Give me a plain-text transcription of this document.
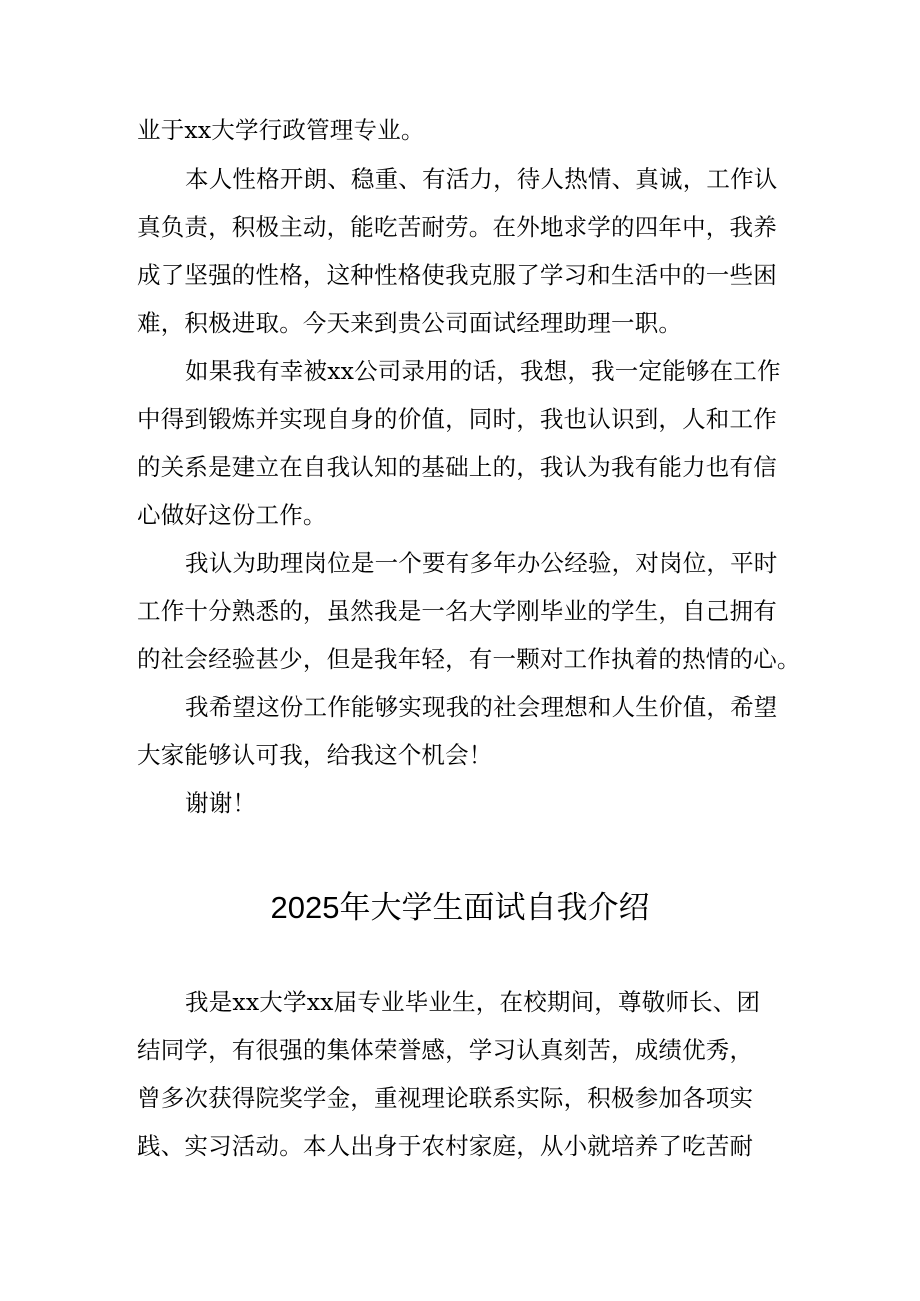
业于xx大学行政管理专业。
本人性格开朗、稳重、有活力，待人热情、真诚，工作认
真负责，积极主动，能吃苦耐劳。在外地求学的四年中，我养
成了坚强的性格，这种性格使我克服了学习和生活中的一些困
难，积极进取。今天来到贵公司面试经理助理一职。
如果我有幸被xx公司录用的话，我想，我一定能够在工作
中得到锻炼并实现自身的价值，同时，我也认识到，人和工作
的关系是建立在自我认知的基础上的，我认为我有能力也有信
心做好这份工作。
我认为助理岗位是一个要有多年办公经验，对岗位，平时
工作十分熟悉的，虽然我是一名大学刚毕业的学生，自己拥有
的社会经验甚少，但是我年轻，有一颗对工作执着的热情的心。
我希望这份工作能够实现我的社会理想和人生价值，希望
大家能够认可我，给我这个机会！
谢谢！
2025年大学生面试自我介绍
我是xx大学xx届专业毕业生，在校期间，尊敬师长、团
结同学，有很强的集体荣誉感，学习认真刻苦，成绩优秀，
曾多次获得院奖学金，重视理论联系实际，积极参加各项实
践、实习活动。本人出身于农村家庭，从小就培养了吃苦耐
